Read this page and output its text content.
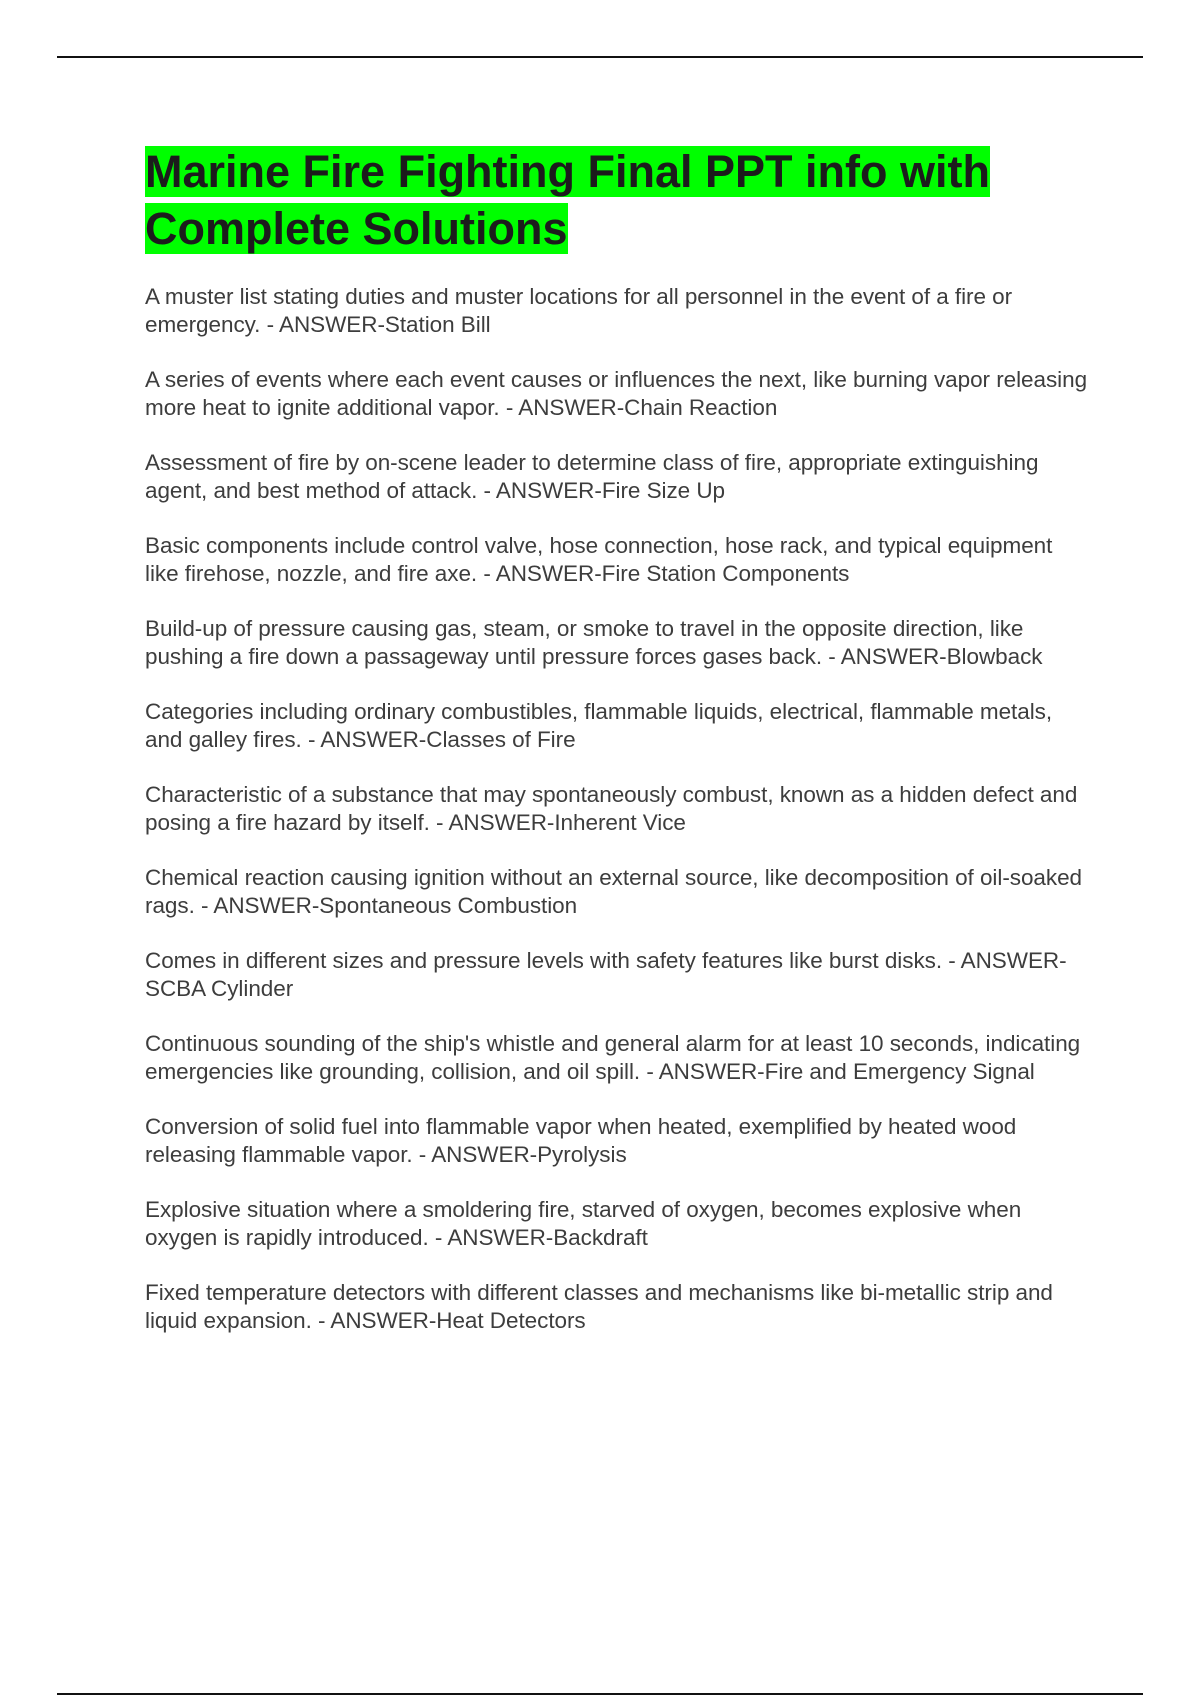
Marine Fire Fighting Final PPT info with Complete Solutions
A muster list stating duties and muster locations for all personnel in the event of a fire or emergency. - ANSWER-Station Bill
A series of events where each event causes or influences the next, like burning vapor releasing more heat to ignite additional vapor. - ANSWER-Chain Reaction
Assessment of fire by on-scene leader to determine class of fire, appropriate extinguishing agent, and best method of attack. - ANSWER-Fire Size Up
Basic components include control valve, hose connection, hose rack, and typical equipment like firehose, nozzle, and fire axe. - ANSWER-Fire Station Components
Build-up of pressure causing gas, steam, or smoke to travel in the opposite direction, like pushing a fire down a passageway until pressure forces gases back. - ANSWER-Blowback
Categories including ordinary combustibles, flammable liquids, electrical, flammable metals, and galley fires. - ANSWER-Classes of Fire
Characteristic of a substance that may spontaneously combust, known as a hidden defect and posing a fire hazard by itself. - ANSWER-Inherent Vice
Chemical reaction causing ignition without an external source, like decomposition of oil-soaked rags. - ANSWER-Spontaneous Combustion
Comes in different sizes and pressure levels with safety features like burst disks. - ANSWER-SCBA Cylinder
Continuous sounding of the ship's whistle and general alarm for at least 10 seconds, indicating emergencies like grounding, collision, and oil spill. - ANSWER-Fire and Emergency Signal
Conversion of solid fuel into flammable vapor when heated, exemplified by heated wood releasing flammable vapor. - ANSWER-Pyrolysis
Explosive situation where a smoldering fire, starved of oxygen, becomes explosive when oxygen is rapidly introduced. - ANSWER-Backdraft
Fixed temperature detectors with different classes and mechanisms like bi-metallic strip and liquid expansion. - ANSWER-Heat Detectors
